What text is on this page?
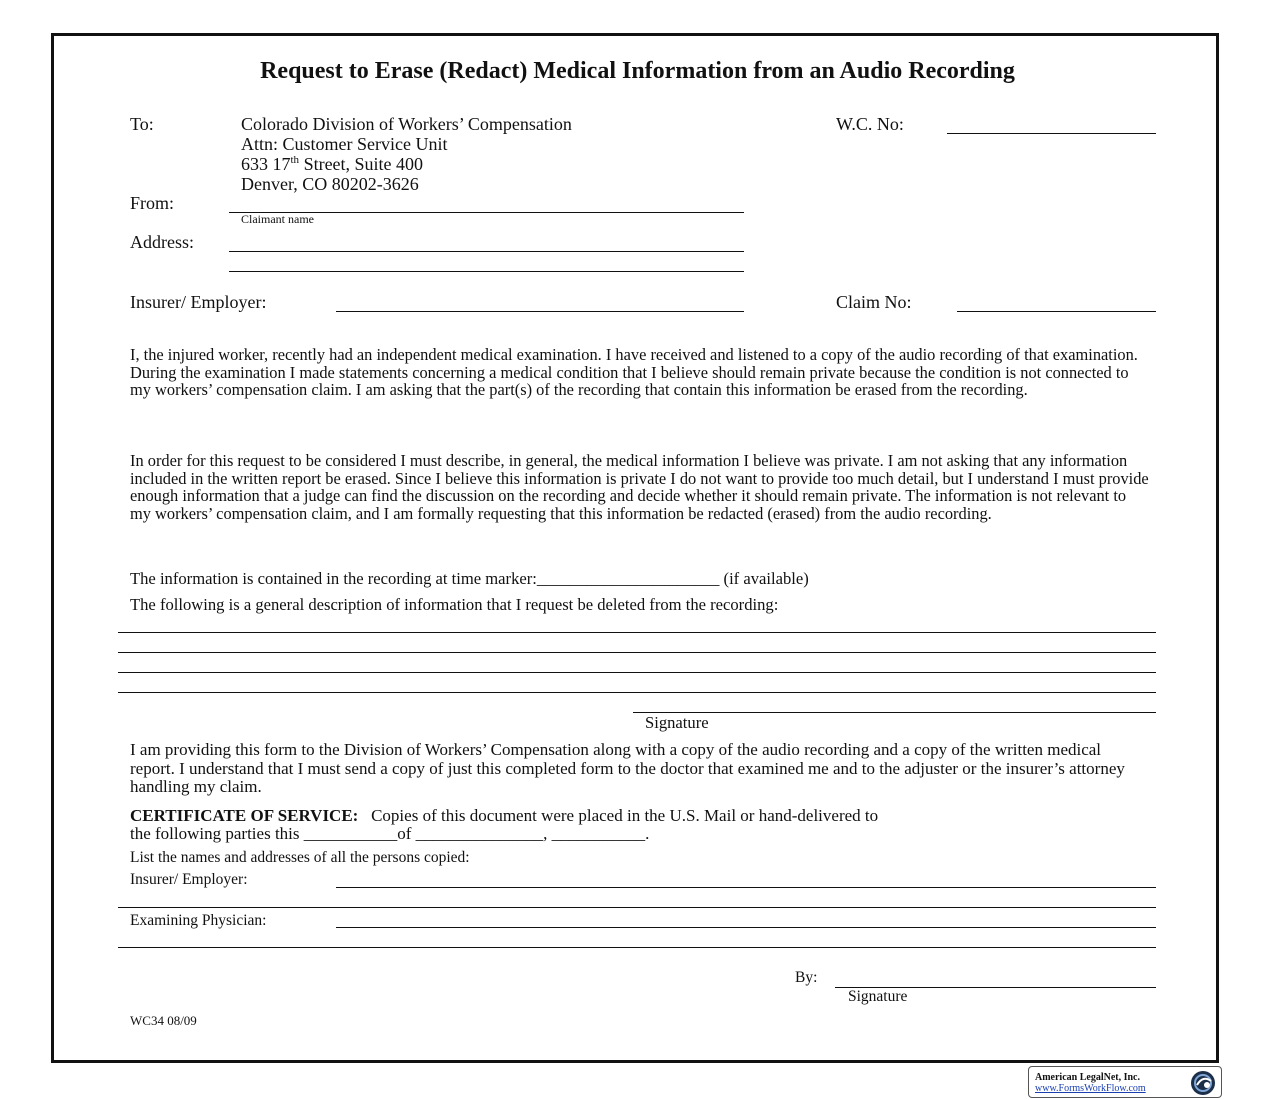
Request to Erase (Redact) Medical Information from an Audio Recording
To:	Colorado Division of Workers’ Compensation
Attn: Customer Service Unit
633 17th Street, Suite 400
Denver, CO 80202-3626
W.C. No:
From:
Claimant name
Address:
Insurer/ Employer:	Claim No:
I, the injured worker, recently had an independent medical examination. I have received and listened to a copy of the audio recording of that examination. During the examination I made statements concerning a medical condition that I believe should remain private because the condition is not connected to my workers’ compensation claim. I am asking that the part(s) of the recording that contain this information be erased from the recording.
In order for this request to be considered I must describe, in general, the medical information I believe was private. I am not asking that any information included in the written report be erased. Since I believe this information is private I do not want to provide too much detail, but I understand I must provide enough information that a judge can find the discussion on the recording and decide whether it should remain private. The information is not relevant to my workers’ compensation claim, and I am formally requesting that this information be redacted (erased) from the audio recording.
The information is contained in the recording at time marker:______________________ (if available)
The following is a general description of information that I request be deleted from the recording:
Signature
I am providing this form to the Division of Workers’ Compensation along with a copy of the audio recording and a copy of the written medical report. I understand that I must send a copy of just this completed form to the doctor that examined me and to the adjuster or the insurer’s attorney handling my claim.
CERTIFICATE OF SERVICE: Copies of this document were placed in the U.S. Mail or hand-delivered to
the following parties this ___________of _______________, ___________.
List the names and addresses of all the persons copied:
Insurer/ Employer:
Examining Physician:
By:
Signature
WC34 08/09
American LegalNet, Inc.
www.FormsWorkFlow.com
